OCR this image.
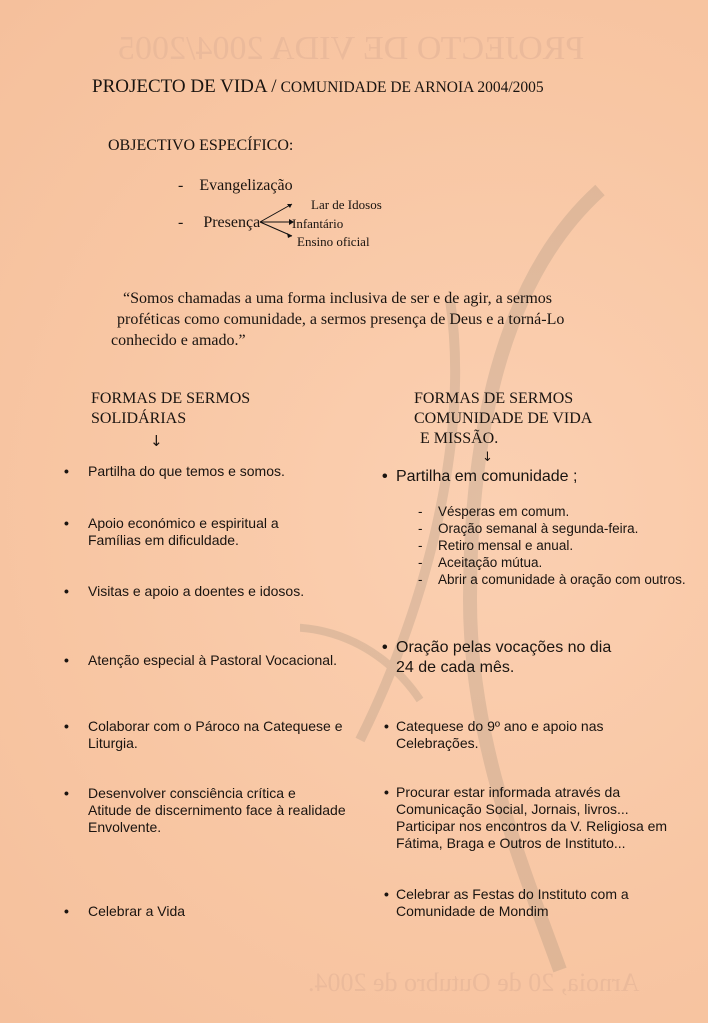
PROJECTO DE VIDA 2004/2005
Arnoia, 20 de Outubro de 2004.
PROJECTO DE VIDA / COMUNIDADE DE ARNOIA 2004/2005
OBJECTIVO ESPECÍFICO:
-    Evangelização
-     Presença
Lar de Idosos
Infantário
Ensino oficial
“Somos chamadas a uma forma inclusiva de ser e de agir, a sermos
proféticas como comunidade, a sermos presença de Deus e a torná-Lo
conhecido e amado.”
FORMAS DE SERMOS
SOLIDÁRIAS
↓
• Partilha do que temos e somos.
• Apoio económico e espiritual a
Famílias em dificuldade.
• Visitas e apoio a doentes e idosos.
• Atenção especial à Pastoral Vocacional.
• Colaborar com o Pároco na Catequese e
Liturgia.
• Desenvolver consciência crítica e
Atitude de discernimento face à realidade
Envolvente.
• Celebrar a Vida
FORMAS DE SERMOS
COMUNIDADE DE VIDA
E MISSÃO.
↓
• Partilha em comunidade ;
- Vésperas em comum.
- Oração semanal à segunda-feira.
- Retiro mensal e anual.
- Aceitação mútua.
- Abrir a comunidade à oração com outros.
• Oração pelas vocações no dia
24 de cada mês.
• Catequese do 9º ano e apoio nas
Celebrações.
• Procurar estar informada através da
Comunicação Social, Jornais, livros...
Participar nos encontros da V. Religiosa em
Fátima, Braga e Outros de Instituto...
• Celebrar as Festas do Instituto com a
Comunidade de Mondim
